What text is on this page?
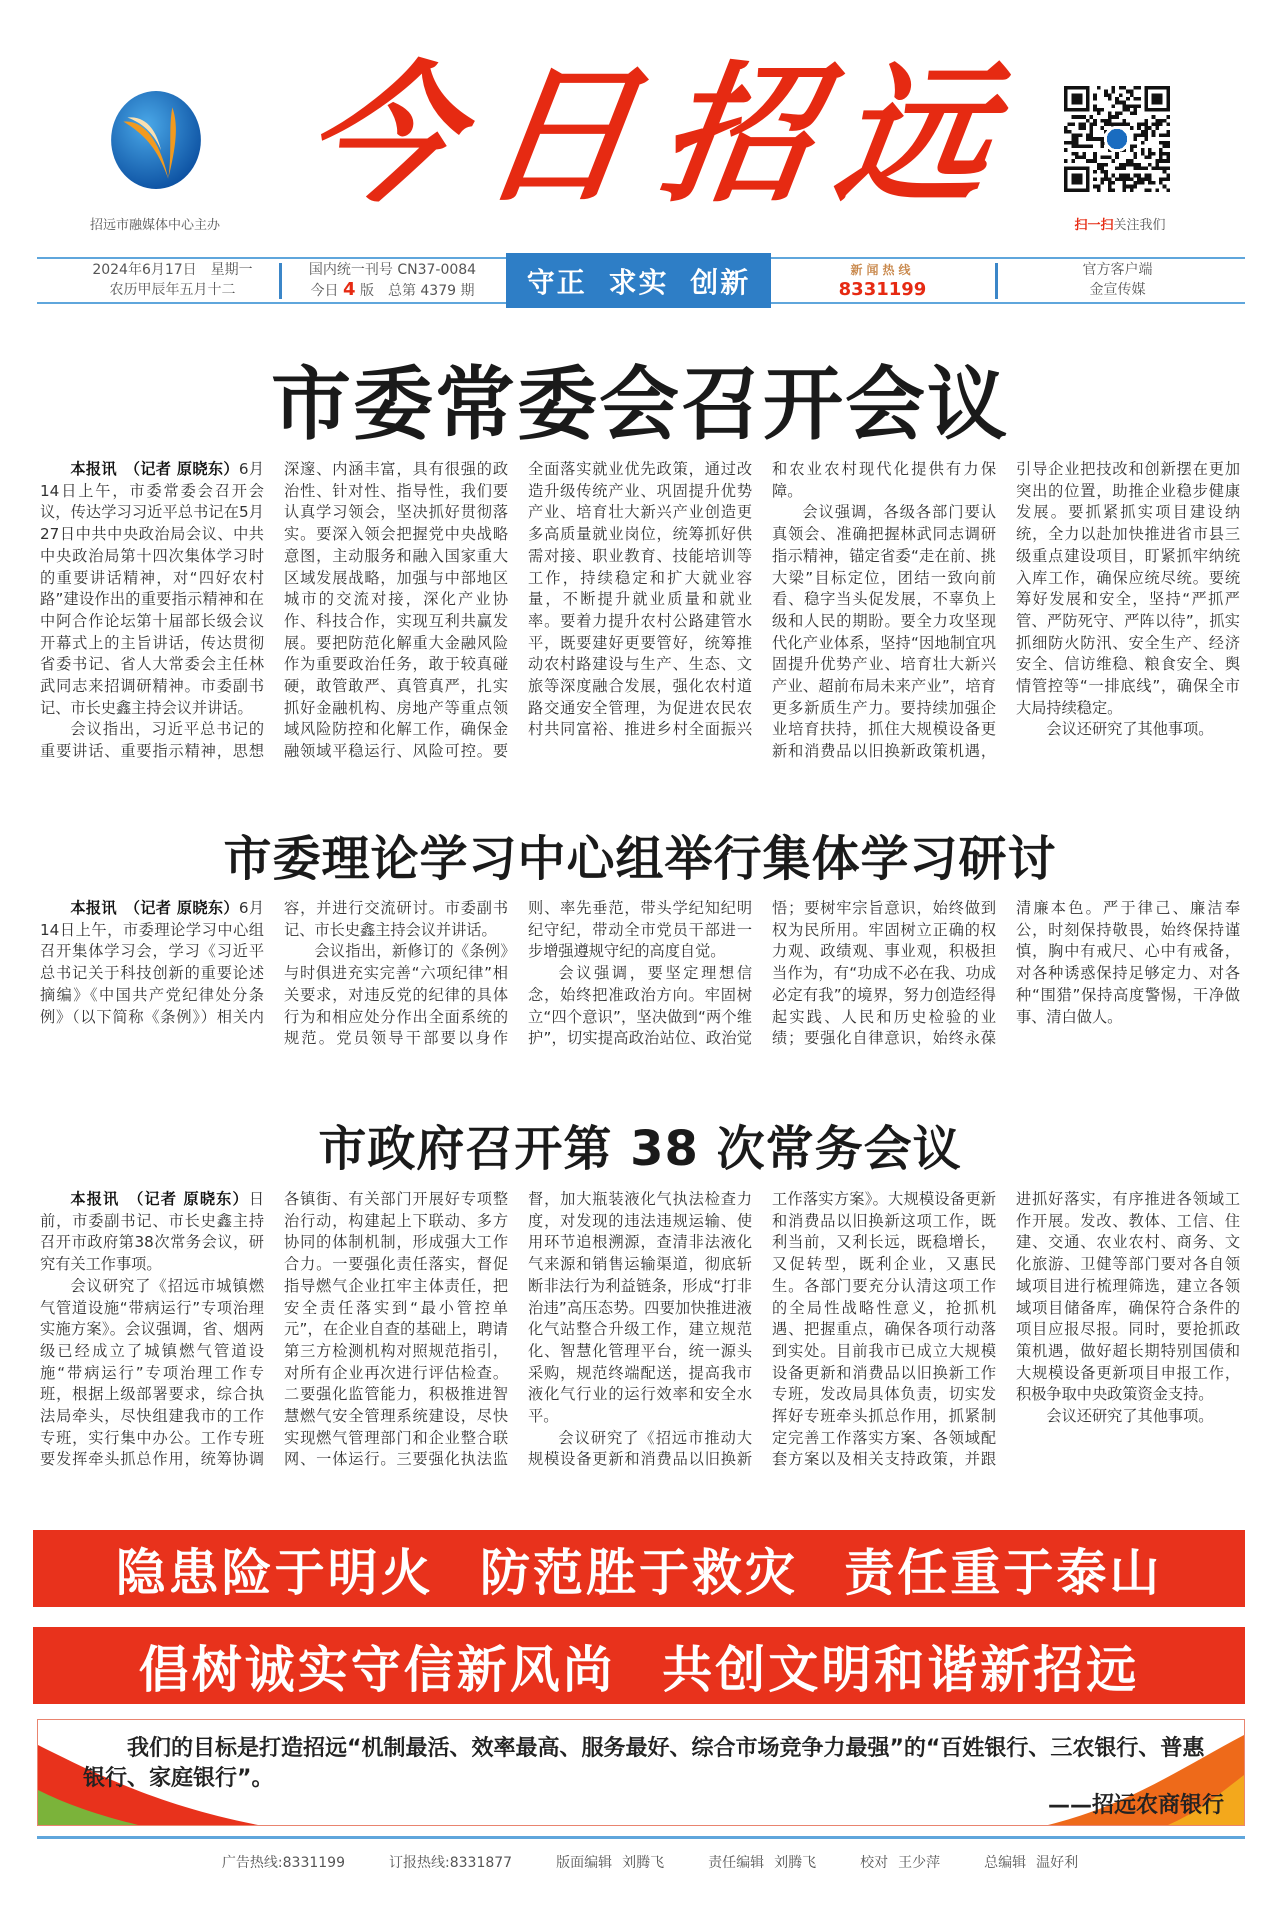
招远市融媒体中心主办
今 日 招 远
扫一扫关注我们
2024年6月17日　星期一
农历甲辰年五月十二
国内统一刊号 CN37-0084
今日 4 版　总第 4379 期	守正 求实 创新	新闻热线
8331199
官方客户端
金宣传媒
市委常委会召开会议

本报讯　（记者 原晓东）6月14日上午，市委常委会召开会议，传达学习习近平总书记在5月27日中共中央政治局会议、中共中央政治局第十四次集体学习时的重要讲话精神，对“四好农村路”建设作出的重要指示精神和在中阿合作论坛第十届部长级会议开幕式上的主旨讲话，传达贯彻省委书记、省人大常委会主任林武同志来招调研精神。市委副书记、市长史鑫主持会议并讲话。

会议指出，习近平总书记的重要讲话、重要指示精神，思想深邃、内涵丰富，具有很强的政治性、针对性、指导性，我们要认真学习领会，坚决抓好贯彻落实。要深入领会把握党中央战略意图，主动服务和融入国家重大区域发展战略，加强与中部地区城市的交流对接，深化产业协作、科技合作，实现互利共赢发展。要把防范化解重大金融风险作为重要政治任务，敢于较真碰硬，敢管敢严、真管真严，扎实抓好金融机构、房地产等重点领域风险防控和化解工作，确保金融领域平稳运行、风险可控。要全面落实就业优先政策，通过改造升级传统产业、巩固提升优势产业、培育壮大新兴产业创造更多高质量就业岗位，统筹抓好供需对接、职业教育、技能培训等工作，持续稳定和扩大就业容量，不断提升就业质量和就业率。要着力提升农村公路建管水平，既要建好更要管好，统筹推动农村路建设与生产、生态、文旅等深度融合发展，强化农村道路交通安全管理，为促进农民农村共同富裕、推进乡村全面振兴和农业农村现代化提供有力保障。

会议强调，各级各部门要认真领会、准确把握林武同志调研指示精神，锚定省委“走在前、挑大梁”目标定位，团结一致向前看、稳字当头促发展，不辜负上级和人民的期盼。要全力攻坚现代化产业体系，坚持“因地制宜巩固提升优势产业、培育壮大新兴产业、超前布局未来产业”，培育更多新质生产力。要持续加强企业培育扶持，抓住大规模设备更新和消费品以旧换新政策机遇，引导企业把技改和创新摆在更加突出的位置，助推企业稳步健康发展。要抓紧抓实项目建设纳统，全力以赴加快推进省市县三级重点建设项目，盯紧抓牢纳统入库工作，确保应统尽统。要统筹好发展和安全，坚持“严抓严管、严防死守、严阵以待”，抓实抓细防火防汛、安全生产、经济安全、信访维稳、粮食安全、舆情管控等“一排底线”，确保全市大局持续稳定。

会议还研究了其他事项。

市委理论学习中心组举行集体学习研讨

本报讯　（记者 原晓东）6月14日上午，市委理论学习中心组召开集体学习会，学习《习近平总书记关于科技创新的重要论述摘编》《中国共产党纪律处分条例》（以下简称《条例》）相关内容，并进行交流研讨。市委副书记、市长史鑫主持会议并讲话。

会议指出，新修订的《条例》与时俱进充实完善“六项纪律”相关要求，对违反党的纪律的具体行为和相应处分作出全面系统的规范。党员领导干部要以身作则、率先垂范，带头学纪知纪明纪守纪，带动全市党员干部进一步增强遵规守纪的高度自觉。

会议强调，要坚定理想信念，始终把准政治方向。牢固树立“四个意识”，坚决做到“两个维护”，切实提高政治站位、政治觉悟；要树牢宗旨意识，始终做到权为民所用。牢固树立正确的权力观、政绩观、事业观，积极担当作为，有“功成不必在我、功成必定有我”的境界，努力创造经得起实践、人民和历史检验的业绩；要强化自律意识，始终永葆清廉本色。严于律己、廉洁奉公，时刻保持敬畏，始终保持谨慎，胸中有戒尺、心中有戒备，对各种诱惑保持足够定力、对各种“围猎”保持高度警惕，干净做事、清白做人。

市政府召开第 38 次常务会议

本报讯　（记者 原晓东）日前，市委副书记、市长史鑫主持召开市政府第38次常务会议，研究有关工作事项。

会议研究了《招远市城镇燃气管道设施“带病运行”专项治理实施方案》。会议强调，省、烟两级已经成立了城镇燃气管道设施“带病运行”专项治理工作专班，根据上级部署要求，综合执法局牵头，尽快组建我市的工作专班，实行集中办公。工作专班要发挥牵头抓总作用，统筹协调各镇街、有关部门开展好专项整治行动，构建起上下联动、多方协同的体制机制，形成强大工作合力。一要强化责任落实，督促指导燃气企业扛牢主体责任，把安全责任落实到“最小管控单元”，在企业自查的基础上，聘请第三方检测机构对照规范指引，对所有企业再次进行评估检查。二要强化监管能力，积极推进智慧燃气安全管理系统建设，尽快实现燃气管理部门和企业整合联网、一体运行。三要强化执法监督，加大瓶装液化气执法检查力度，对发现的违法违规运输、使用环节追根溯源，查清非法液化气来源和销售运输渠道，彻底斩断非法行为利益链条，形成“打非治违”高压态势。四要加快推进液化气站整合升级工作，建立规范化、智慧化管理平台，统一源头采购，规范终端配送，提高我市液化气行业的运行效率和安全水平。

会议研究了《招远市推动大规模设备更新和消费品以旧换新工作落实方案》。大规模设备更新和消费品以旧换新这项工作，既利当前，又利长远，既稳增长，又促转型，既利企业，又惠民生。各部门要充分认清这项工作的全局性战略性意义，抢抓机遇、把握重点，确保各项行动落到实处。目前我市已成立大规模设备更新和消费品以旧换新工作专班，发改局具体负责，切实发挥好专班牵头抓总作用，抓紧制定完善工作落实方案、各领域配套方案以及相关支持政策，并跟进抓好落实，有序推进各领域工作开展。发改、教体、工信、住建、交通、农业农村、商务、文化旅游、卫健等部门要对各自领域项目进行梳理筛选，建立各领域项目储备库，确保符合条件的项目应报尽报。同时，要抢抓政策机遇，做好超长期特别国债和大规模设备更新项目申报工作，积极争取中央政策资金支持。

会议还研究了其他事项。

隐患险于明火 防范胜于救灾 责任重于泰山
倡树诚实守信新风尚 共创文明和谐新招远
我们的目标是打造招远“机制最活、效率最高、服务最好、综合市场竞争力最强”的“百姓银行、三农银行、普惠银行、家庭银行”。
——招远农商银行
广告热线:8331199	订报热线:8331877	版面编辑 刘腾飞	责任编辑 刘腾飞	校对 王少萍	总编辑 温好利
